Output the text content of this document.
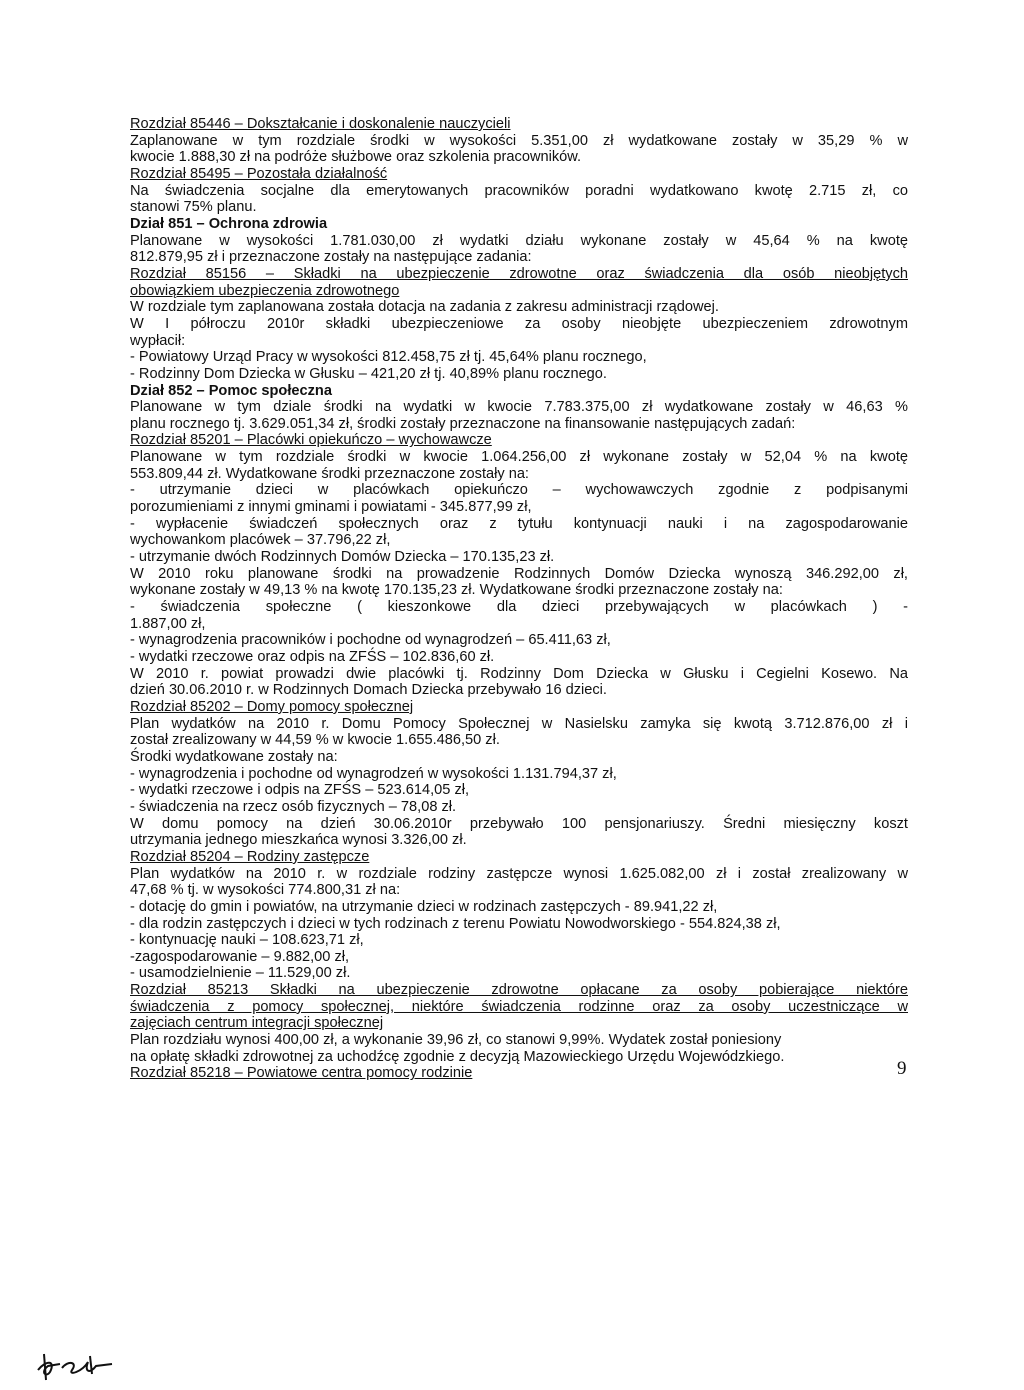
Rozdział 85446 – Dokształcanie i doskonalenie nauczycieli
Zaplanowane w tym rozdziale środki w wysokości 5.351,00 zł wydatkowane zostały w 35,29 % w
kwocie 1.888,30 zł na podróże służbowe oraz szkolenia pracowników.
Rozdział 85495 – Pozostała działalność
Na świadczenia socjalne dla emerytowanych pracowników poradni wydatkowano kwotę 2.715 zł, co
stanowi 75% planu.
Dział 851 – Ochrona zdrowia
Planowane w wysokości 1.781.030,00 zł wydatki działu wykonane zostały w 45,64 % na kwotę
812.879,95 zł i przeznaczone zostały na następujące zadania:
Rozdział 85156 – Składki na ubezpieczenie zdrowotne oraz świadczenia dla osób nieobjętych
obowiązkiem ubezpieczenia zdrowotnego
W rozdziale tym zaplanowana została dotacja na zadania z zakresu administracji rządowej.
W I półroczu 2010r składki ubezpieczeniowe za osoby nieobjęte ubezpieczeniem zdrowotnym
wypłacił:
- Powiatowy Urząd Pracy w wysokości 812.458,75 zł tj. 45,64% planu rocznego,
- Rodzinny Dom Dziecka w Głusku – 421,20 zł tj. 40,89% planu rocznego.
Dział 852 – Pomoc społeczna
Planowane w tym dziale środki na wydatki w kwocie 7.783.375,00 zł wydatkowane zostały w 46,63 %
planu rocznego tj. 3.629.051,34 zł, środki zostały przeznaczone na finansowanie następujących zadań:
Rozdział 85201 – Placówki opiekuńczo – wychowawcze
Planowane w tym rozdziale środki w kwocie 1.064.256,00 zł wykonane zostały w 52,04 % na kwotę
553.809,44 zł. Wydatkowane środki przeznaczone zostały na:
- utrzymanie dzieci w placówkach opiekuńczo – wychowawczych zgodnie z podpisanymi
porozumieniami z innymi gminami i powiatami - 345.877,99 zł,
- wypłacenie świadczeń społecznych oraz z tytułu kontynuacji nauki i na zagospodarowanie
wychowankom placówek – 37.796,22 zł,
- utrzymanie dwóch Rodzinnych Domów Dziecka – 170.135,23 zł.
W 2010 roku planowane środki na prowadzenie Rodzinnych Domów Dziecka wynoszą 346.292,00 zł,
wykonane zostały w 49,13 % na kwotę 170.135,23 zł. Wydatkowane środki przeznaczone zostały na:
- świadczenia społeczne ( kieszonkowe dla dzieci przebywających w placówkach ) -
1.887,00 zł,
- wynagrodzenia pracowników i pochodne od wynagrodzeń – 65.411,63 zł,
- wydatki rzeczowe oraz odpis na ZFŚS – 102.836,60 zł.
W 2010 r. powiat prowadzi dwie placówki tj. Rodzinny Dom Dziecka w Głusku i Cegielni Kosewo. Na
dzień 30.06.2010 r. w Rodzinnych Domach Dziecka przebywało 16 dzieci.
Rozdział 85202 – Domy pomocy społecznej
Plan wydatków na 2010 r. Domu Pomocy Społecznej w Nasielsku zamyka się kwotą 3.712.876,00 zł i
został zrealizowany w 44,59 % w kwocie 1.655.486,50 zł.
Środki wydatkowane zostały na:
- wynagrodzenia i pochodne od wynagrodzeń w wysokości 1.131.794,37 zł,
- wydatki rzeczowe i odpis na ZFŚS – 523.614,05 zł,
- świadczenia na rzecz osób fizycznych – 78,08 zł.
W domu pomocy na dzień 30.06.2010r przebywało 100 pensjonariuszy. Średni miesięczny koszt
utrzymania jednego mieszkańca wynosi 3.326,00 zł.
Rozdział 85204 – Rodziny zastępcze
Plan wydatków na 2010 r. w rozdziale rodziny zastępcze wynosi 1.625.082,00 zł i został zrealizowany w
47,68 % tj. w wysokości 774.800,31 zł na:
- dotację do gmin i powiatów, na utrzymanie dzieci w rodzinach zastępczych - 89.941,22 zł,
- dla rodzin zastępczych i dzieci w tych rodzinach z terenu Powiatu Nowodworskiego - 554.824,38 zł,
- kontynuację nauki – 108.623,71 zł,
-zagospodarowanie – 9.882,00 zł,
- usamodzielnienie – 11.529,00 zł.
Rozdział 85213 Składki na ubezpieczenie zdrowotne opłacane za osoby pobierające niektóre
świadczenia z pomocy społecznej, niektóre świadczenia rodzinne oraz za osoby uczestniczące w
zajęciach centrum integracji społecznej
Plan rozdziału wynosi 400,00 zł, a wykonanie 39,96 zł, co stanowi 9,99%. Wydatek został poniesiony
na opłatę składki zdrowotnej za uchodźcę zgodnie z decyzją Mazowieckiego Urzędu Wojewódzkiego.
Rozdział 85218 – Powiatowe centra pomocy rodzinie	9
